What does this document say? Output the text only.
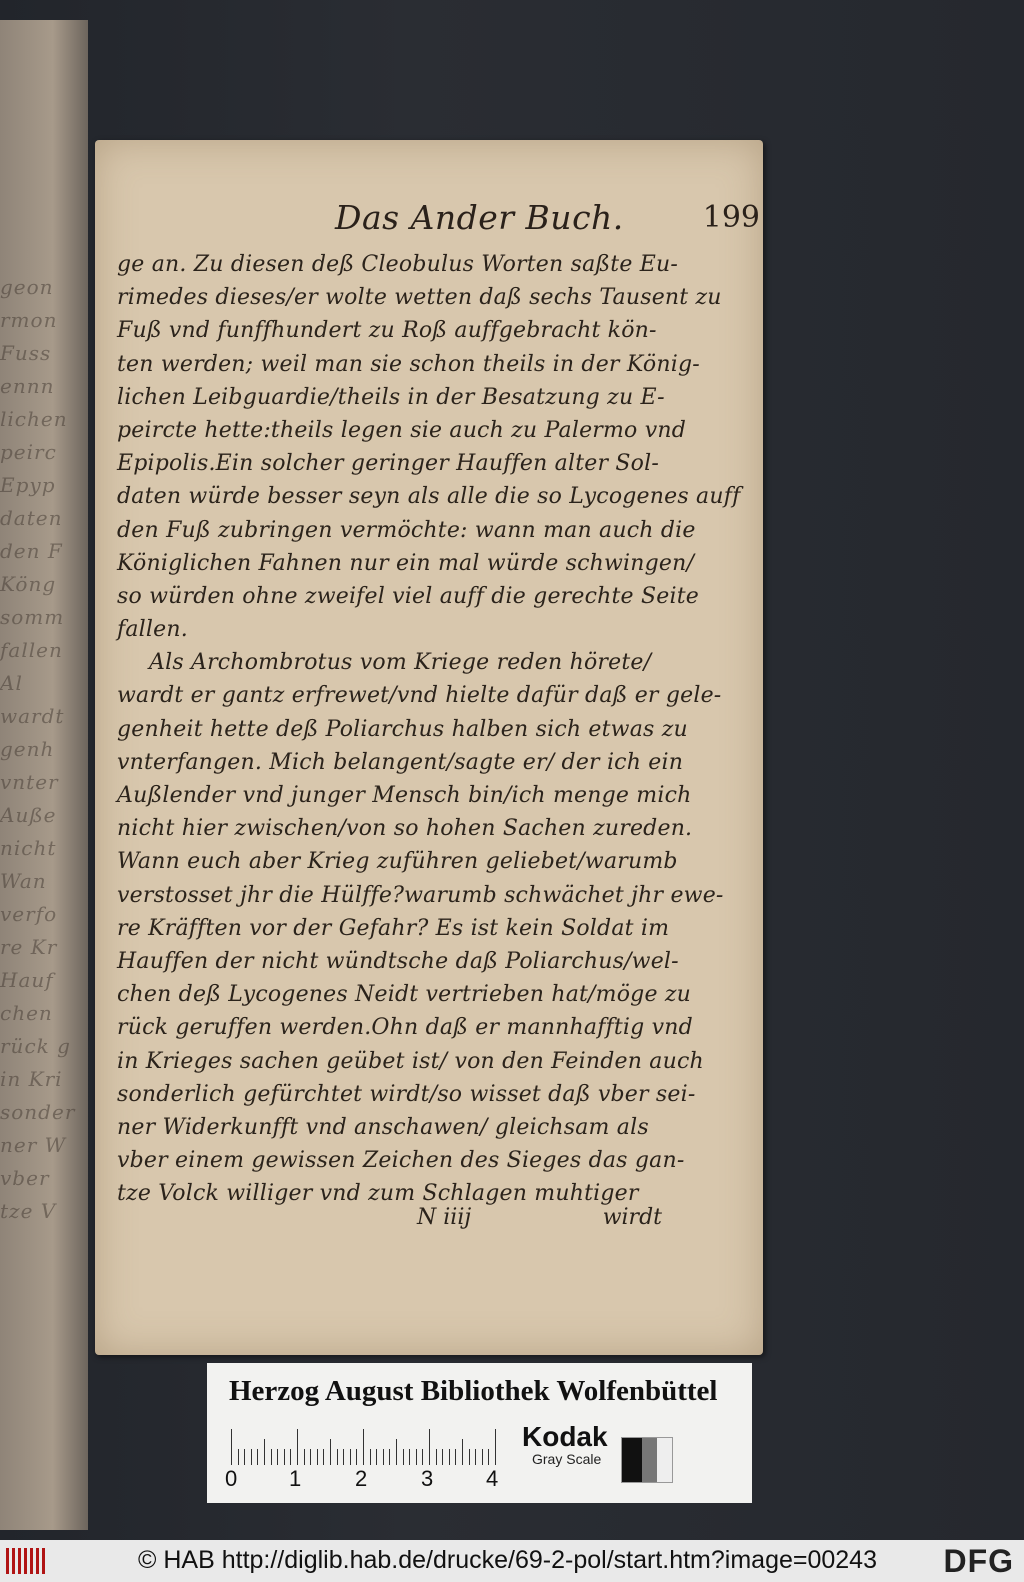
geon
rmon
Fuss
ennn
lichen
peirc
Epyp
daten
den F
Köng
somm
fallen
Al
wardt
genh
vnter
Auße
nicht
Wan
verfo
re Kr
Hauf
chen
rück g
in Kri
sonder
ner W
vber
tze V
Das Ander Buch.	199
ge an. Zu diesen deß Cleobulus Worten saßte Eu-
rimedes dieses/er wolte wetten daß sechs Tausent zu
Fuß vnd funffhundert zu Roß auffgebracht kön-
ten werden; weil man sie schon theils in der König-
lichen Leibguardie/theils in der Besatzung zu E-
peircte hette:theils legen sie auch zu Palermo vnd
Epipolis.Ein solcher geringer Hauffen alter Sol-
daten würde besser seyn als alle die so Lycogenes auff
den Fuß zubringen vermöchte: wann man auch die
Königlichen Fahnen nur ein mal würde schwingen/
so würden ohne zweifel viel auff die gerechte Seite
fallen.
Als Archombrotus vom Kriege reden hörete/
wardt er gantz erfrewet/vnd hielte dafür daß er gele-
genheit hette deß Poliarchus halben sich etwas zu
vnterfangen. Mich belangent/sagte er/ der ich ein
Außlender vnd junger Mensch bin/ich menge mich
nicht hier zwischen/von so hohen Sachen zureden.
Wann euch aber Krieg zuführen geliebet/warumb
verstosset jhr die Hülffe?warumb schwächet jhr ewe-
re Kräfften vor der Gefahr? Es ist kein Soldat im
Hauffen der nicht wündtsche daß Poliarchus/wel-
chen deß Lycogenes Neidt vertrieben hat/möge zu
rück geruffen werden.Ohn daß er mannhafftig vnd
in Krieges sachen geübet ist/ von den Feinden auch
sonderlich gefürchtet wirdt/so wisset daß vber sei-
ner Widerkunfft vnd anschawen/ gleichsam als
vber einem gewissen Zeichen des Sieges das gan-
tze Volck williger vnd zum Schlagen muhtiger
N iiij	wirdt
Herzog August Bibliothek Wolfenbüttel
0 1 2 3 4
Kodak
Gray Scale
© HAB http://diglib.hab.de/drucke/69-2-pol/start.htm?image=00243 DFG
